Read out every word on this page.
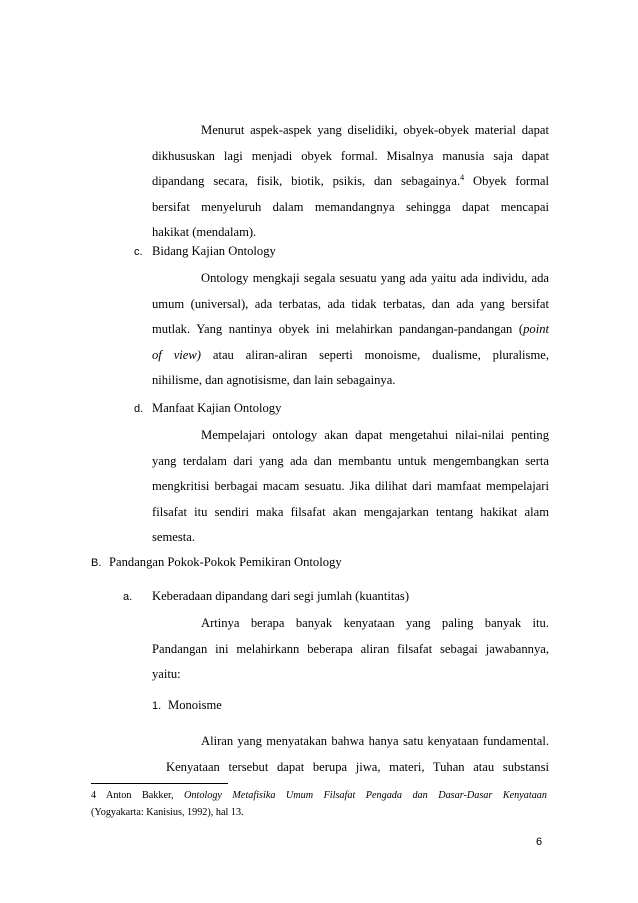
Menurut aspek-aspek yang diselidiki, obyek-obyek material dapat
dikhususkan lagi menjadi obyek formal. Misalnya manusia saja dapat
dipandang secara, fisik, biotik, psikis, dan sebagainya.$^4$ Obyek formal
bersifat menyeluruh dalam memandangnya sehingga dapat mencapai
hakikat (mendalam).
c. Bidang Kajian Ontology
Ontology mengkaji segala sesuatu yang ada yaitu ada individu, ada
umum (universal), ada terbatas, ada tidak terbatas, dan ada yang bersifat
mutlak. Yang nantinya obyek ini melahirkan pandangan-pandangan (point
of view) atau aliran-aliran seperti monoisme, dualisme, pluralisme,
nihilisme, dan agnotisisme, dan lain sebagainya.
d. Manfaat Kajian Ontology
Mempelajari ontology akan dapat mengetahui nilai-nilai penting
yang terdalam dari yang ada dan membantu untuk mengembangkan serta
mengkritisi berbagai macam sesuatu. Jika dilihat dari mamfaat mempelajari
filsafat itu sendiri maka filsafat akan mengajarkan tentang hakikat alam
semesta.
B. Pandangan Pokok-Pokok Pemikiran Ontology
a. Keberadaan dipandang dari segi jumlah (kuantitas)
Artinya berapa banyak kenyataan yang paling banyak itu.
Pandangan ini melahirkann beberapa aliran filsafat sebagai jawabannya,
yaitu:
1. Monoisme
Aliran yang menyatakan bahwa hanya satu kenyataan fundamental.
Kenyataan tersebut dapat berupa jiwa, materi, Tuhan atau substansi
4 Anton Bakker, Ontology Metafisika Umum Filsafat Pengada dan Dasar-Dasar Kenyataan
(Yogyakarta: Kanisius, 1992), hal 13.
6
